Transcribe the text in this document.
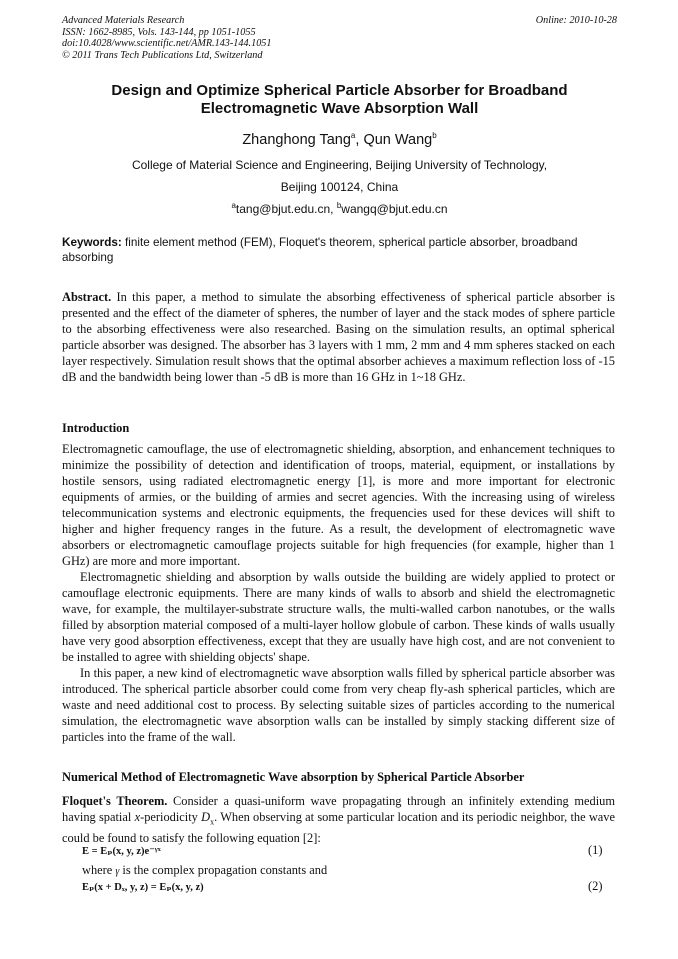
Advanced Materials Research
ISSN: 1662-8985, Vols. 143-144, pp 1051-1055
doi:10.4028/www.scientific.net/AMR.143-144.1051
© 2011 Trans Tech Publications Ltd, Switzerland
Online: 2010-10-28
Design and Optimize Spherical Particle Absorber for Broadband
Electromagnetic Wave Absorption Wall
Zhanghong Tang$^a$, Qun Wang$^b$
College of Material Science and Engineering, Beijing University of Technology,
Beijing 100124, China
$^a$tang@bjut.edu.cn, $^b$wangq@bjut.edu.cn
Keywords: finite element method (FEM), Floquet's theorem, spherical particle absorber, broadband absorbing

Abstract. In this paper, a method to simulate the absorbing effectiveness of spherical particle absorber is presented and the effect of the diameter of spheres, the number of layer and the stack modes of sphere particle to the absorbing effectiveness were also researched. Basing on the simulation results, an optimal spherical particle absorber was designed. The absorber has 3 layers with 1 mm, 2 mm and 4 mm spheres stacked on each layer respectively. Simulation result shows that the optimal absorber achieves a maximum reflection loss of -15 dB and the bandwidth being lower than -5 dB is more than 16 GHz in 1~18 GHz.

Introduction

Electromagnetic camouflage, the use of electromagnetic shielding, absorption, and enhancement techniques to minimize the possibility of detection and identification of troops, material, equipment, or installations by hostile sensors, using radiated electromagnetic energy [1], is more and more important for electronic equipments of armies, or the building of armies and secret agencies. With the increasing using of wireless telecommunication systems and electronic equipments, the frequencies used for these devices will shift to higher and higher frequency ranges in the future. As a result, the development of electromagnetic wave absorbers or electromagnetic camouflage projects suitable for high frequencies (for example, higher than 1 GHz) are more and more important.

Electromagnetic shielding and absorption by walls outside the building are widely applied to protect or camouflage electronic equipments. There are many kinds of walls to absorb and shield the electromagnetic wave, for example, the multilayer-substrate structure walls, the multi-walled carbon nanotubes, or the walls filled by absorption material composed of a multi-layer hollow globule of carbon. These kinds of walls usually have very good absorption effectiveness, except that they are usually have high cost, and are not convenient to be installed to agree with shielding objects' shape.

In this paper, a new kind of electromagnetic wave absorption walls filled by spherical particle absorber was introduced. The spherical particle absorber could come from very cheap fly-ash spherical particles, which are waste and need additional cost to process. By selecting suitable sizes of particles according to the numerical simulation, the electromagnetic wave absorption walls can be installed by simply stacking different size of particles into the frame of the wall.

Numerical Method of Electromagnetic Wave absorption by Spherical Particle Absorber

Floquet's Theorem. Consider a quasi-uniform wave propagating through an infinitely extending medium having spatial x-periodicity $D_x$. When observing at some particular location and its periodic neighbor, the wave could be found to satisfy the following equation [2]:

E = Eₚ(x, y, z)e⁻ᵞˣ	(1)
where γ is the complex propagation constants and
Eₚ(x + Dₓ, y, z) = Eₚ(x, y, z)	(2)
